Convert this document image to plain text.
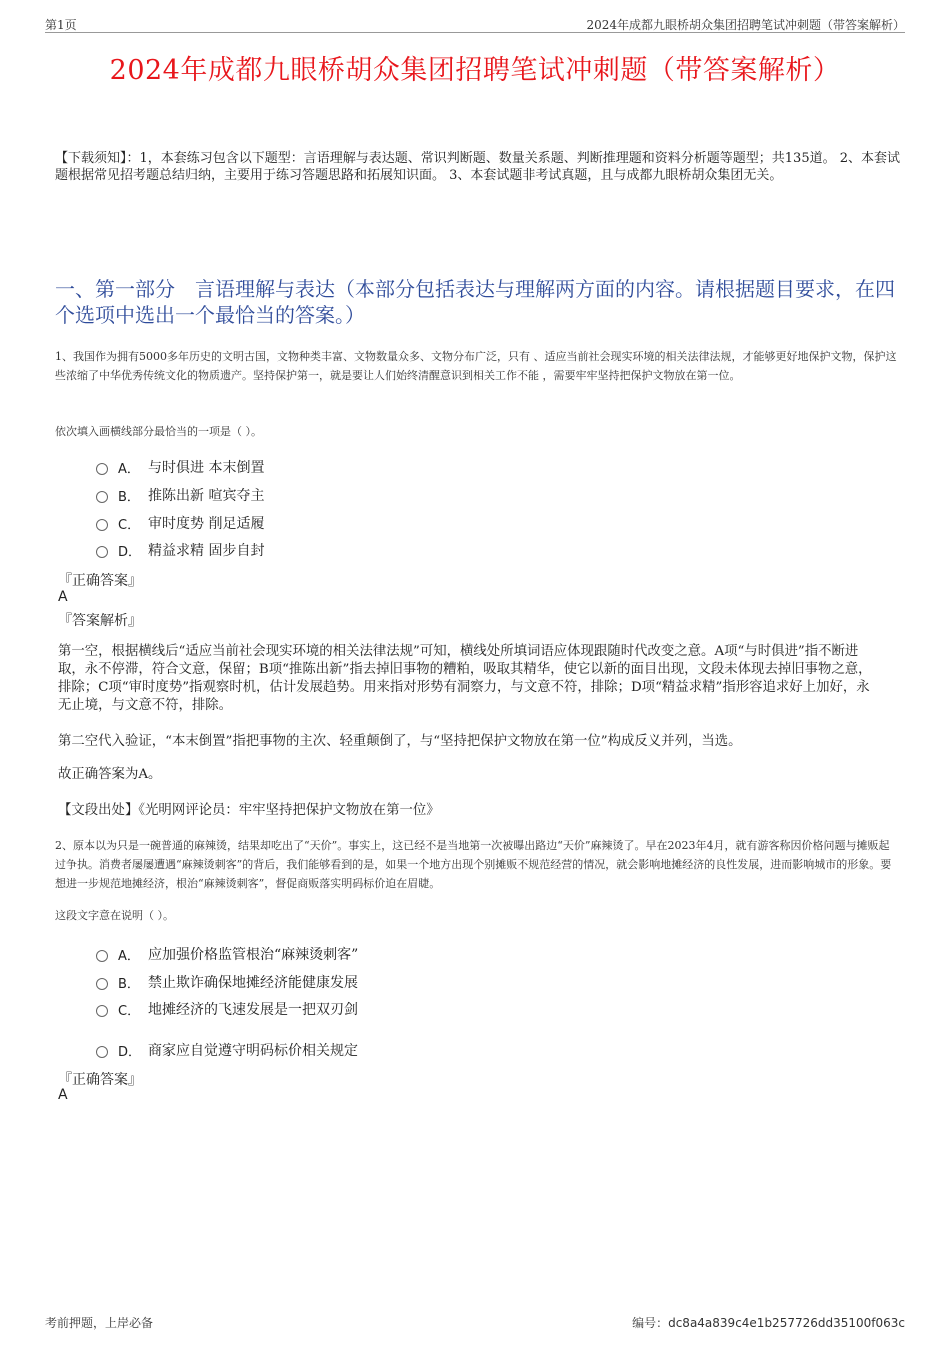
第1页	2024年成都九眼桥胡众集团招聘笔试冲刺题（带答案解析）
2024年成都九眼桥胡众集团招聘笔试冲刺题（带答案解析）
【下载须知】：1，本套练习包含以下题型：言语理解与表达题、常识判断题、数量关系题、判断推理题和资料分析题等题型；共135道。 2、本套试题根据常见招考题总结归纳，主要用于练习答题思路和拓展知识面。 3、本套试题非考试真题，且与成都九眼桥胡众集团无关。
一、第一部分　言语理解与表达（本部分包括表达与理解两方面的内容。请根据题目要求，在四个选项中选出一个最恰当的答案。）
1、我国作为拥有5000多年历史的文明古国，文物种类丰富、文物数量众多、文物分布广泛，只有 、适应当前社会现实环境的相关法律法规，才能够更好地保护文物，保护这些浓缩了中华优秀传统文化的物质遗产。坚持保护第一，就是要让人们始终清醒意识到相关工作不能 ，需要牢牢坚持把保护文物放在第一位。
依次填入画横线部分最恰当的一项是（ ）。
A． 与时俱进 本末倒置
B． 推陈出新 喧宾夺主
C． 审时度势 削足适履
D． 精益求精 固步自封
『正确答案』
A
『答案解析』
第一空，根据横线后“适应当前社会现实环境的相关法律法规”可知，横线处所填词语应体现跟随时代改变之意。A项“与时俱进”指不断进取，永不停滞，符合文意，保留；B项“推陈出新”指去掉旧事物的糟粕，吸取其精华，使它以新的面目出现，文段未体现去掉旧事物之意，排除；C项“审时度势”指观察时机，估计发展趋势。用来指对形势有洞察力，与文意不符，排除；D项“精益求精”指形容追求好上加好，永无止境，与文意不符，排除。
第二空代入验证，“本末倒置”指把事物的主次、轻重颠倒了，与“坚持把保护文物放在第一位”构成反义并列，当选。
故正确答案为A。
【文段出处】《光明网评论员：牢牢坚持把保护文物放在第一位》
2、原本以为只是一碗普通的麻辣烫，结果却吃出了“天价”。事实上，这已经不是当地第一次被曝出路边“天价”麻辣烫了。早在2023年4月，就有游客称因价格问题与摊贩起过争执。消费者屡屡遭遇“麻辣烫刺客”的背后，我们能够看到的是，如果一个地方出现个别摊贩不规范经营的情况，就会影响地摊经济的良性发展，进而影响城市的形象。要想进一步规范地摊经济，根治“麻辣烫刺客”，督促商贩落实明码标价迫在眉睫。
这段文字意在说明（ ）。
A． 应加强价格监管根治“麻辣烫刺客”
B． 禁止欺诈确保地摊经济能健康发展
C． 地摊经济的飞速发展是一把双刃剑
D． 商家应自觉遵守明码标价相关规定
『正确答案』
A
考前押题，上岸必备	编号：dc8a4a839c4e1b257726dd35100f063c
